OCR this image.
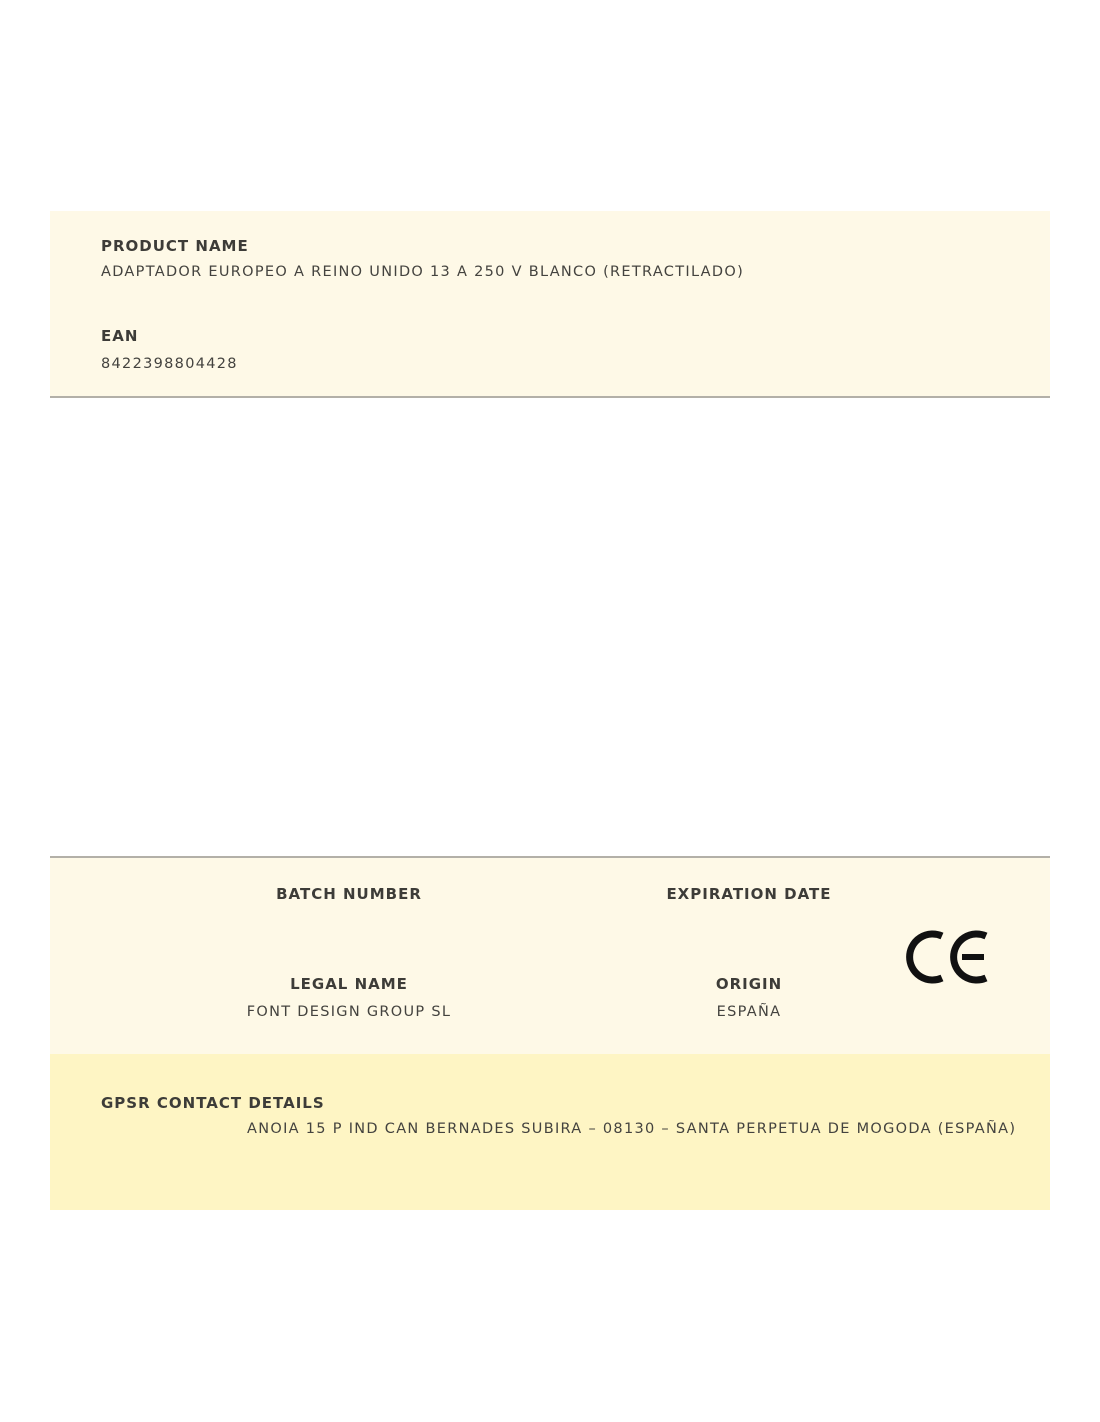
PRODUCT NAME
ADAPTADOR EUROPEO A REINO UNIDO 13 A 250 V BLANCO (RETRACTILADO)
EAN
8422398804428
BATCH NUMBER	EXPIRATION DATE
LEGAL NAME
FONT DESIGN GROUP SL
ORIGIN
ESPAÑA
GPSR CONTACT DETAILS
ANOIA 15 P IND CAN BERNADES SUBIRA – 08130 – SANTA PERPETUA DE MOGODA (ESPAÑA)
